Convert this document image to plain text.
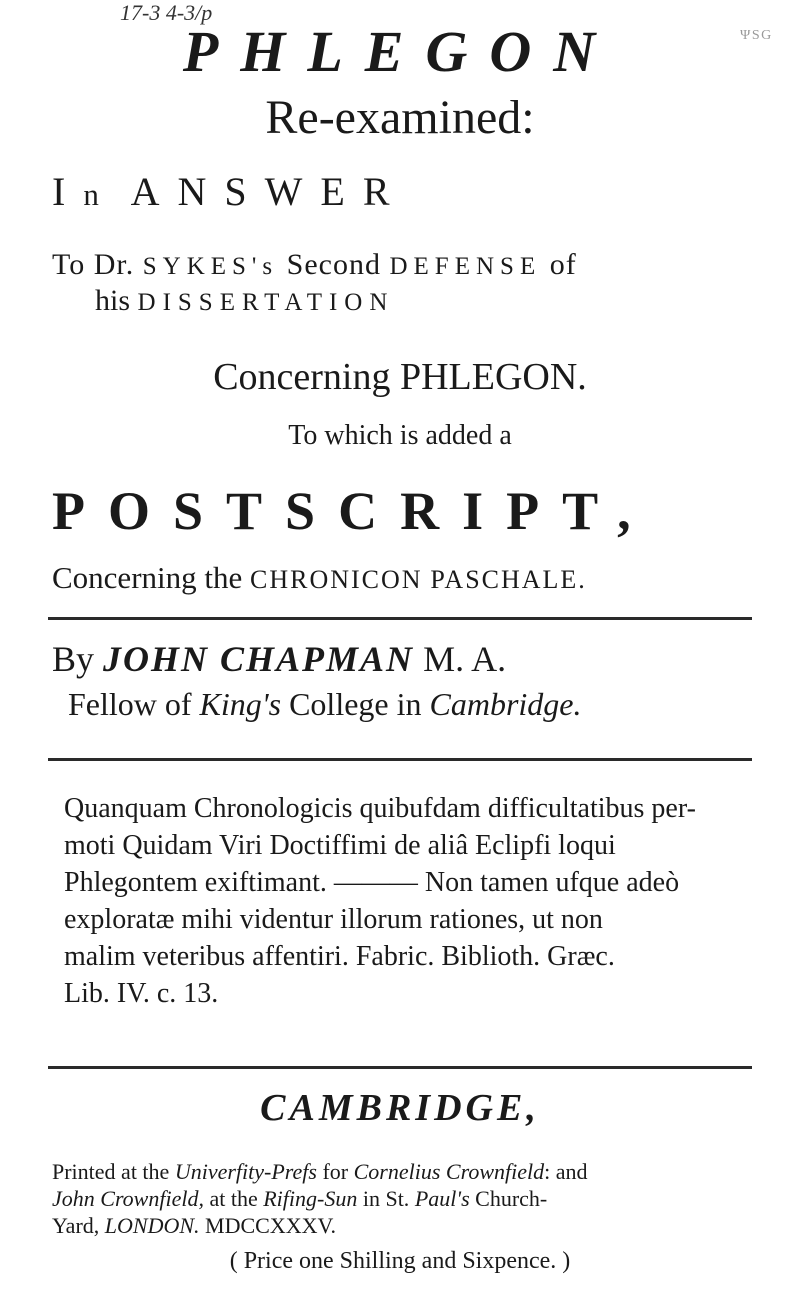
17-3 4-3/p
Ψ S G
PHLEGON
Re-examined:
In ANSWER
To Dr. SYKES's Second DEFENSE of
his DISSERTATION
Concerning PHLEGON.
To which is added a
POSTSCRIPT,
Concerning the CHRONICON PASCHALE.
By JOHN CHAPMAN M. A.
Fellow of King's College in Cambridge.
Quanquam Chronologicis quibufdam difficultatibus per-
moti Quidam Viri Doctiffimi de aliâ Eclipfi loqui
Phlegontem exiftimant. ——— Non tamen ufque adeò
exploratæ mihi videntur illorum rationes, ut non
malim veteribus affentiri. Fabric. Biblioth. Græc.
Lib. IV. c. 13.
CAMBRIDGE,
Printed at the Univerfity-Prefs for Cornelius Crownfield: and
John Crownfield, at the Rifing-Sun in St. Paul's Church-
Yard, LONDON. MDCCXXXV.
( Price one Shilling and Sixpence. )
